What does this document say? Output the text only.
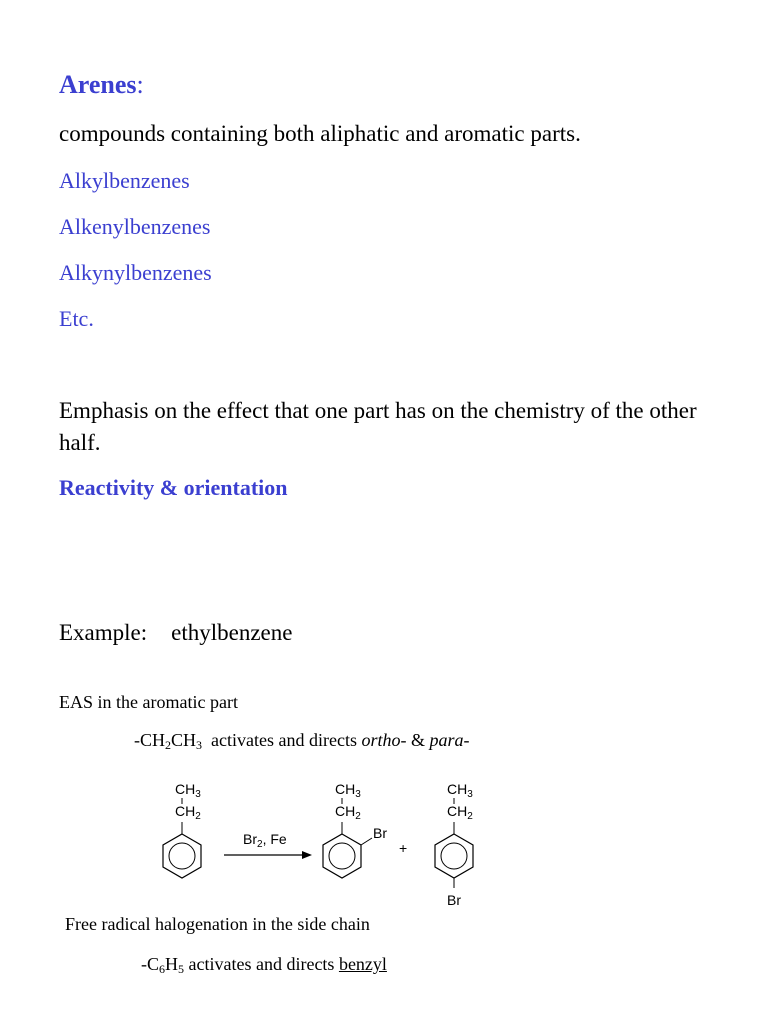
Arenes:
compounds containing both aliphatic and aromatic parts.
Alkylbenzenes
Alkenylbenzenes
Alkynylbenzenes
Etc.
Emphasis on the effect that one part has on the chemistry of the other half.
Reactivity & orientation
Example: ethylbenzene
EAS in the aromatic part
$-CH_2CH_3$ activates and directs ortho- & para-
$CH_3$
$CH_2$
$Br_2$, Fe
$CH_3$
$CH_2$
Br
+
$CH_3$
$CH_2$
Br
Free radical halogenation in the side chain
$-C_6H_5$ activates and directs benzyl
